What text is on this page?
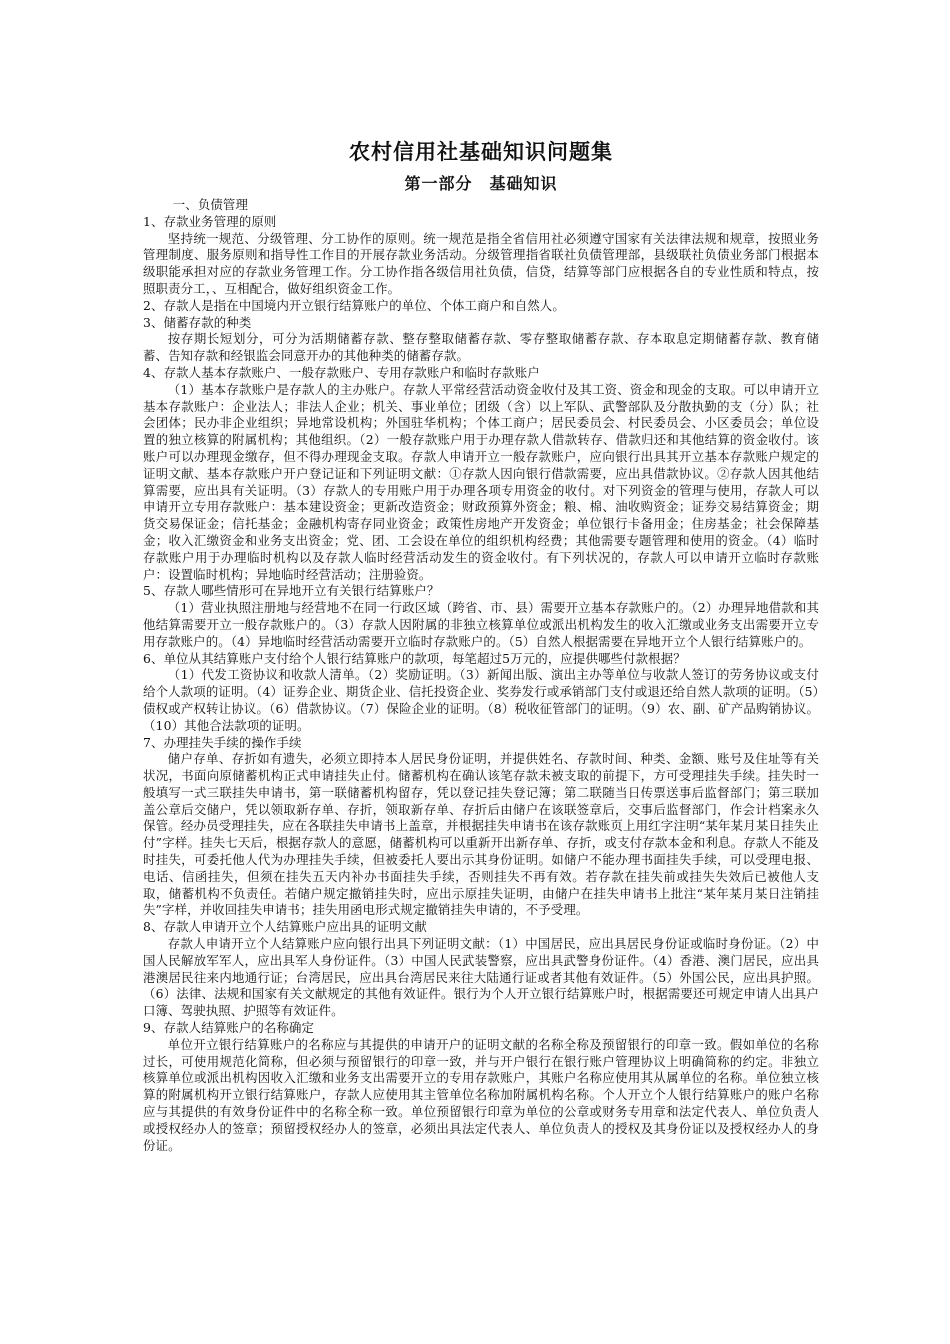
农村信用社基础知识问题集
第一部分　基础知识

一、负债管理

1、存款业务管理的原则

坚持统一规范、分级管理、分工协作的原则。统一规范是指全省信用社必须遵守国家有关法律法规和规章，按照业务管理制度、服务原则和指导性工作目的开展存款业务活动。分级管理指省联社负债管理部，县级联社负债业务部门根据本级职能承担对应的存款业务管理工作。分工协作指各级信用社负债，信贷，结算等部门应根据各自的专业性质和特点，按照职责分工，、互相配合，做好组织资金工作。

2、存款人是指在中国境内开立银行结算账户的单位、个体工商户和自然人。

3、储蓄存款的种类

按存期长短划分，可分为活期储蓄存款、整存整取储蓄存款、零存整取储蓄存款、存本取息定期储蓄存款、教育储蓄、告知存款和经银监会同意开办的其他种类的储蓄存款。

4、存款人基本存款账户、一般存款账户、专用存款账户和临时存款账户

（1）基本存款账户是存款人的主办账户。存款人平常经营活动资金收付及其工资、资金和现金的支取。可以申请开立基本存款账户：企业法人；非法人企业；机关、事业单位；团级（含）以上军队、武警部队及分散执勤的支（分）队；社会团体；民办非企业组织；异地常设机构；外国驻华机构；个体工商户；居民委员会、村民委员会、小区委员会；单位设置的独立核算的附属机构；其他组织。（2）一般存款账户用于办理存款人借款转存、借款归还和其他结算的资金收付。该账户可以办理现金缴存，但不得办理现金支取。存款人申请开立一般存款账户，应向银行出具其开立基本存款账户规定的证明文献、基本存款账户开户登记证和下列证明文献：①存款人因向银行借款需要，应出具借款协议。②存款人因其他结算需要，应出具有关证明。（3）存款人的专用账户用于办理各项专用资金的收付。对下列资金的管理与使用，存款人可以申请开立专用存款账户：基本建设资金；更新改造资金；财政预算外资金；粮、棉、油收购资金；证券交易结算资金；期货交易保证金；信托基金；金融机构寄存同业资金；政策性房地产开发资金；单位银行卡备用金；住房基金；社会保障基金；收入汇缴资金和业务支出资金；党、团、工会设在单位的组织机构经费；其他需要专题管理和使用的资金。（4）临时存款账户用于办理临时机构以及存款人临时经营活动发生的资金收付。有下列状况的，存款人可以申请开立临时存款账户：设置临时机构；异地临时经营活动；注册验资。

5、存款人哪些情形可在异地开立有关银行结算账户？

（1）营业执照注册地与经营地不在同一行政区域（跨省、市、县）需要开立基本存款账户的。（2）办理异地借款和其他结算需要开立一般存款账户的。（3）存款人因附属的非独立核算单位或派出机构发生的收入汇缴或业务支出需要开立专用存款账户的。（4）异地临时经营活动需要开立临时存款账户的。（5）自然人根据需要在异地开立个人银行结算账户的。

6、单位从其结算账户支付给个人银行结算账户的款项，每笔超过5万元的，应提供哪些付款根据？

（1）代发工资协议和收款人清单。（2）奖励证明。（3）新闻出版、演出主办等单位与收款人签订的劳务协议或支付给个人款项的证明。（4）证券企业、期货企业、信托投资企业、奖券发行或承销部门支付或退还给自然人款项的证明。（5）债权或产权转让协议。（6）借款协议。（7）保险企业的证明。（8）税收征管部门的证明。（9）农、副、矿产品购销协议。（10）其他合法款项的证明。

7、办理挂失手续的操作手续

储户存单、存折如有遗失，必须立即持本人居民身份证明，并提供姓名、存款时间、种类、金额、账号及住址等有关状况，书面向原储蓄机构正式申请挂失止付。储蓄机构在确认该笔存款未被支取的前提下，方可受理挂失手续。挂失时一般填写一式三联挂失申请书，第一联储蓄机构留存，凭以登记挂失登记簿；第二联随当日传票送事后监督部门；第三联加盖公章后交储户，凭以领取新存单、存折，领取新存单、存折后由储户在该联签章后，交事后监督部门，作会计档案永久保管。经办员受理挂失，应在各联挂失申请书上盖章，并根据挂失申请书在该存款账页上用红字注明“某年某月某日挂失止付”字样。挂失七天后，根据存款人的意愿，储蓄机构可以重新开出新存单、存折，或支付存款本金和利息。存款人不能及时挂失，可委托他人代为办理挂失手续，但被委托人要出示其身份证明。如储户不能办理书面挂失手续，可以受理电报、电话、信函挂失，但须在挂失五天内补办书面挂失手续，否则挂失不再有效。若存款在挂失前或挂失失效后已被他人支取，储蓄机构不负责任。若储户规定撤销挂失时，应出示原挂失证明，由储户在挂失申请书上批注“某年某月某日注销挂失”字样，并收回挂失申请书；挂失用函电形式规定撤销挂失申请的，不予受理。

8、存款人申请开立个人结算账户应出具的证明文献

存款人申请开立个人结算账户应向银行出具下列证明文献：（1）中国居民，应出具居民身份证或临时身份证。（2）中国人民解放军军人，应出具军人身份证件。（3）中国人民武装警察，应出具武警身份证件。（4）香港、澳门居民，应出具港澳居民往来内地通行证；台湾居民，应出具台湾居民来往大陆通行证或者其他有效证件。（5）外国公民，应出具护照。（6）法律、法规和国家有关文献规定的其他有效证件。银行为个人开立银行结算账户时，根据需要还可规定申请人出具户口簿、驾驶执照、护照等有效证件。

9、存款人结算账户的名称确定

单位开立银行结算账户的名称应与其提供的申请开户的证明文献的名称全称及预留银行的印章一致。假如单位的名称过长，可使用规范化简称，但必须与预留银行的印章一致，并与开户银行在银行账户管理协议上明确简称的约定。非独立核算单位或派出机构因收入汇缴和业务支出需要开立的专用存款账户，其账户名称应使用其从属单位的名称。单位独立核算的附属机构开立银行结算账户，存款人应使用其主管单位名称加附属机构名称。个人开立个人银行结算账户的账户名称应与其提供的有效身份证件中的名称全称一致。单位预留银行印章为单位的公章或财务专用章和法定代表人、单位负责人或授权经办人的签章；预留授权经办人的签章，必须出具法定代表人、单位负责人的授权及其身份证以及授权经办人的身份证。
